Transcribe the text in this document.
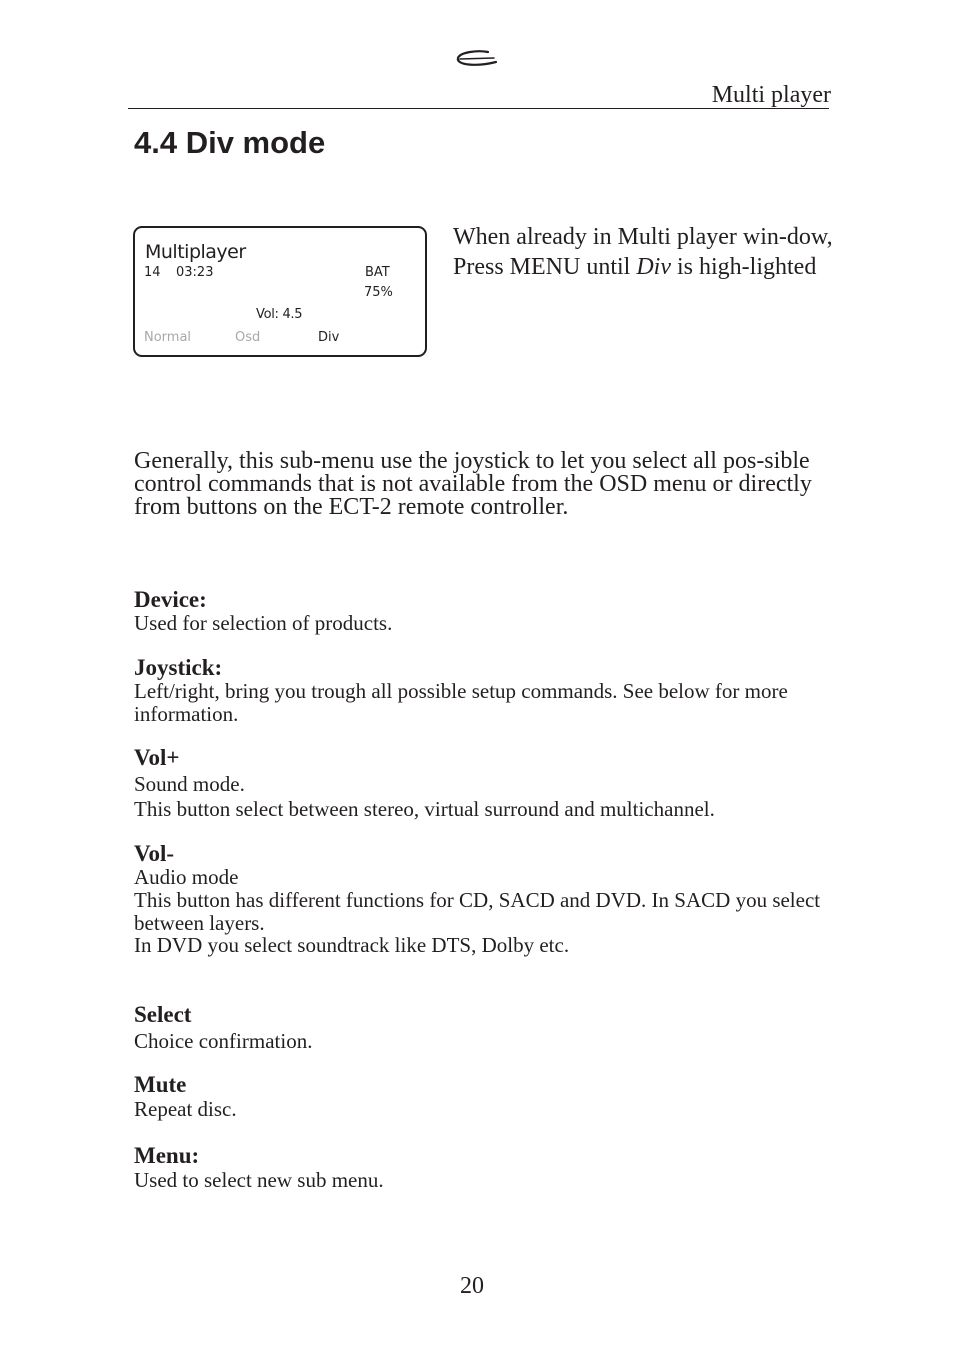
Multi player
4.4 Div mode
Multiplayer
14 03:23	BAT
75%
Vol: 4.5
Normal	Osd	Div
When already in Multi player win-dow, Press MENU until Div is high-lighted
Generally, this sub-menu use the joystick to let you select all pos-sible control commands that is not available from the OSD menu or directly from buttons on the ECT-2 remote controller.
Device:
Used for selection of products.
Joystick:
Left/right, bring you trough all possible setup commands. See below for more information.
Vol+
Sound mode.
This button select between stereo, virtual surround and multichannel.
Vol-
Audio mode
This button has different functions for CD, SACD and DVD. In SACD you select between layers.
In DVD you select soundtrack like DTS, Dolby etc.
Select
Choice confirmation.
Mute
Repeat disc.
Menu:
Used to select new sub menu.
20
